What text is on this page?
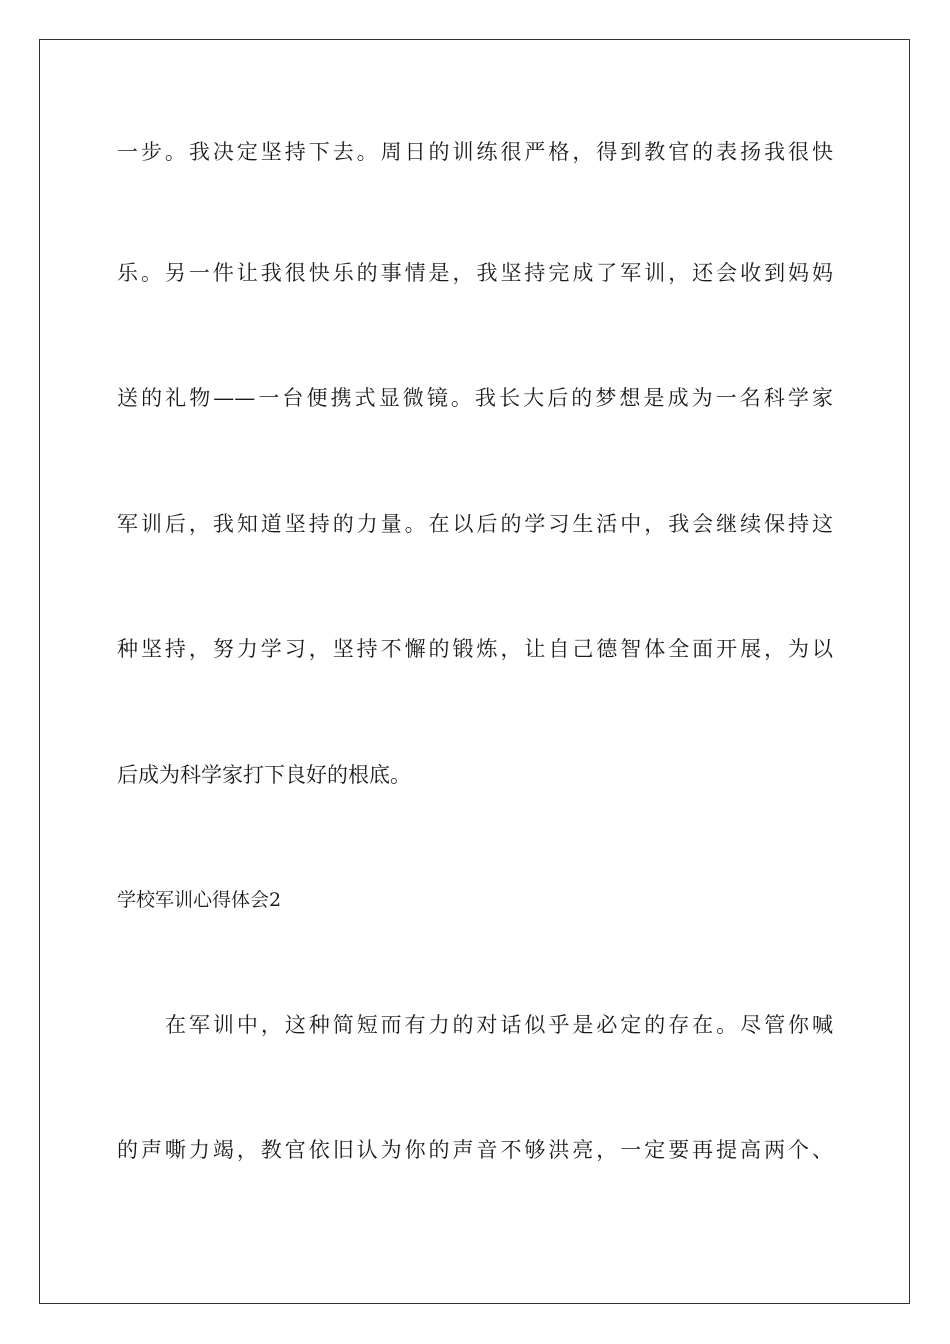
一步。我决定坚持下去。周日的训练很严格，得到教官的表扬我很快
乐。另一件让我很快乐的事情是，我坚持完成了军训，还会收到妈妈
送的礼物——一台便携式显微镜。我长大后的梦想是成为一名科学家
军训后，我知道坚持的力量。在以后的学习生活中，我会继续保持这
种坚持，努力学习，坚持不懈的锻炼，让自己德智体全面开展，为以
后成为科学家打下良好的根底。
学校军训心得体会2
在军训中，这种简短而有力的对话似乎是必定的存在。尽管你喊
的声嘶力竭，教官依旧认为你的声音不够洪亮，一定要再提高两个、
